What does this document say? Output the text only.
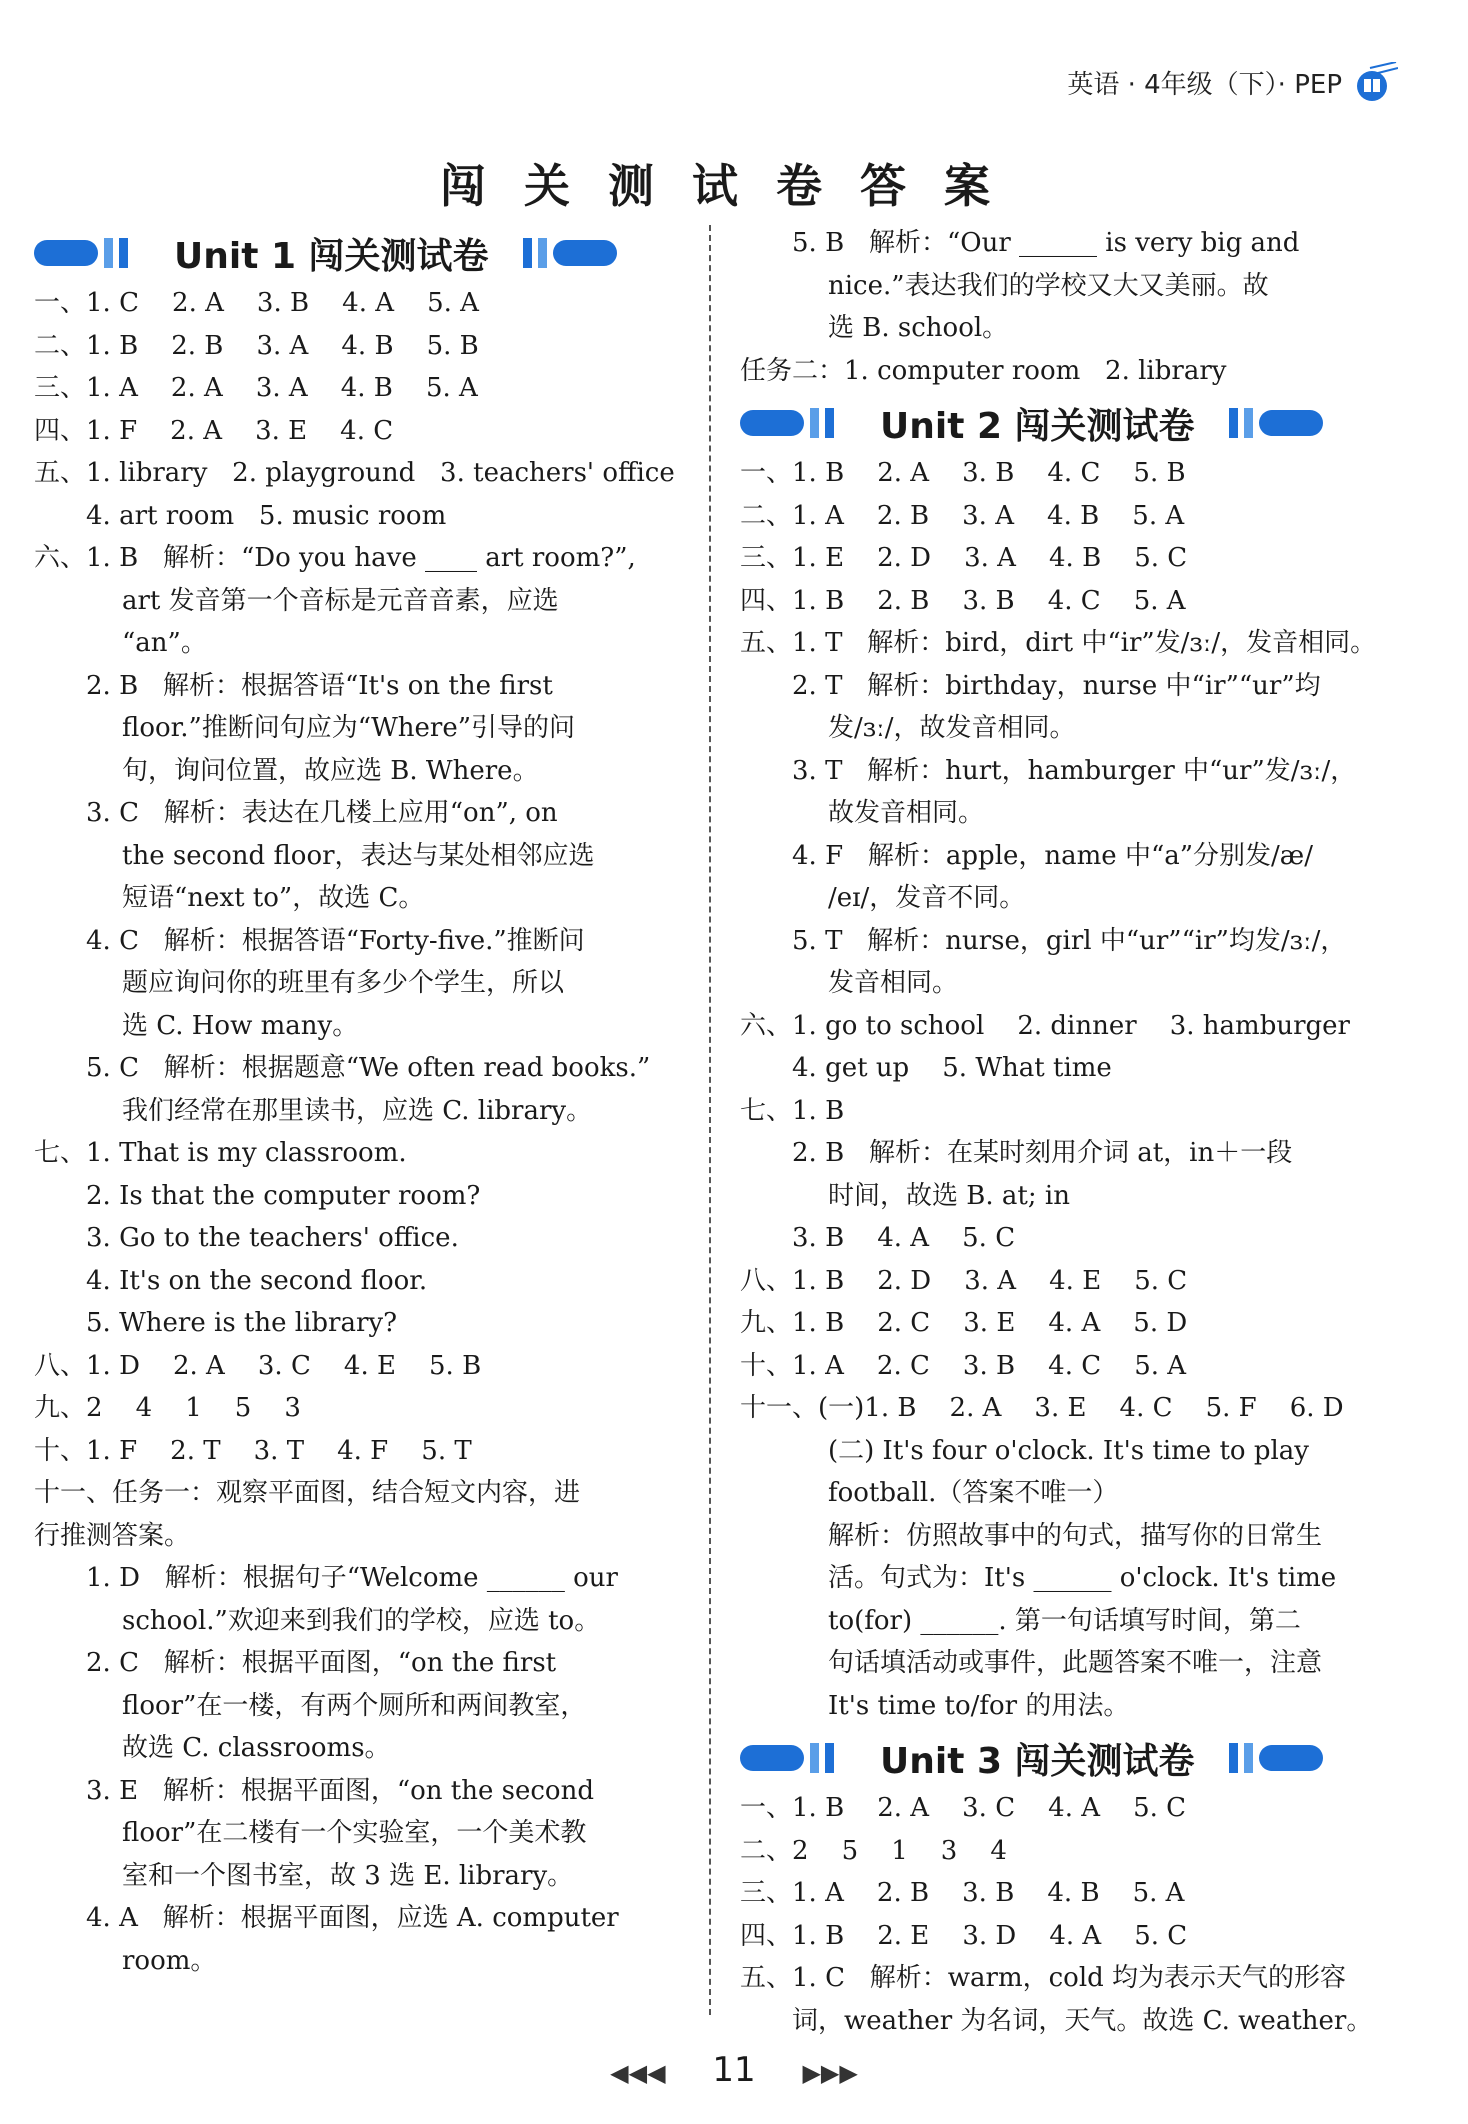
英语 · 4年级（下）· PEP
闯关测试卷答案
Unit 1 闯关测试卷
一、1. C    2. A    3. B    4. A    5. A
二、1. B    2. B    3. A    4. B    5. B
三、1. A    2. A    3. A    4. B    5. A
四、1. F    2. A    3. E    4. C
五、1. library   2. playground   3. teachers' office
4. art room   5. music room
六、1. B   解析：“Do you have ____ art room?”,
art 发音第一个音标是元音音素，应选
“an”。
2. B   解析：根据答语“It's on the first
floor.”推断问句应为“Where”引导的问
句，询问位置，故应选 B. Where。
3. C   解析：表达在几楼上应用“on”, on
the second floor，表达与某处相邻应选
短语“next to”，故选 C。
4. C   解析：根据答语“Forty-five.”推断问
题应询问你的班里有多少个学生，所以
选 C. How many。
5. C   解析：根据题意“We often read books.”
我们经常在那里读书，应选 C. library。
七、1. That is my classroom.
2. Is that the computer room?
3. Go to the teachers' office.
4. It's on the second floor.
5. Where is the library?
八、1. D    2. A    3. C    4. E    5. B
九、2    4    1    5    3
十、1. F    2. T    3. T    4. F    5. T
十一、任务一：观察平面图，结合短文内容，进
行推测答案。
1. D   解析：根据句子“Welcome ______ our
school.”欢迎来到我们的学校，应选 to。
2. C   解析：根据平面图，“on the first
floor”在一楼，有两个厕所和两间教室，
故选 C. classrooms。
3. E   解析：根据平面图，“on the second
floor”在二楼有一个实验室，一个美术教
室和一个图书室，故 3 选 E. library。
4. A   解析：根据平面图，应选 A. computer
room。
5. B   解析：“Our ______ is very big and
nice.”表达我们的学校又大又美丽。故
选 B. school。
任务二：1. computer room   2. library
Unit 2 闯关测试卷
一、1. B    2. A    3. B    4. C    5. B
二、1. A    2. B    3. A    4. B    5. A
三、1. E    2. D    3. A    4. B    5. C
四、1. B    2. B    3. B    4. C    5. A
五、1. T   解析：bird，dirt 中“ir”发/ɜː/，发音相同。
2. T   解析：birthday，nurse 中“ir”“ur”均
发/ɜː/，故发音相同。
3. T   解析：hurt，hamburger 中“ur”发/ɜː/，
故发音相同。
4. F   解析：apple，name 中“a”分别发/æ/
/eɪ/，发音不同。
5. T   解析：nurse，girl 中“ur”“ir”均发/ɜː/，
发音相同。
六、1. go to school    2. dinner    3. hamburger
4. get up    5. What time
七、1. B
2. B   解析：在某时刻用介词 at，in＋一段
时间，故选 B. at; in
3. B    4. A    5. C
八、1. B    2. D    3. A    4. E    5. C
九、1. B    2. C    3. E    4. A    5. D
十、1. A    2. C    3. B    4. C    5. A
十一、(一)1. B    2. A    3. E    4. C    5. F    6. D
(二) It's four o'clock. It's time to play
football.（答案不唯一）
解析：仿照故事中的句式，描写你的日常生
活。句式为：It's ______ o'clock. It's time
to(for) ______. 第一句话填写时间，第二
句话填活动或事件，此题答案不唯一，注意
It's time to/for 的用法。
Unit 3 闯关测试卷
一、1. B    2. A    3. C    4. A    5. C
二、2    5    1    3    4
三、1. A    2. B    3. B    4. B    5. A
四、1. B    2. E    3. D    4. A    5. C
五、1. C   解析：warm，cold 均为表示天气的形容
词，weather 为名词，天气。故选 C. weather。
◀◀◀ 11 ▶▶▶
